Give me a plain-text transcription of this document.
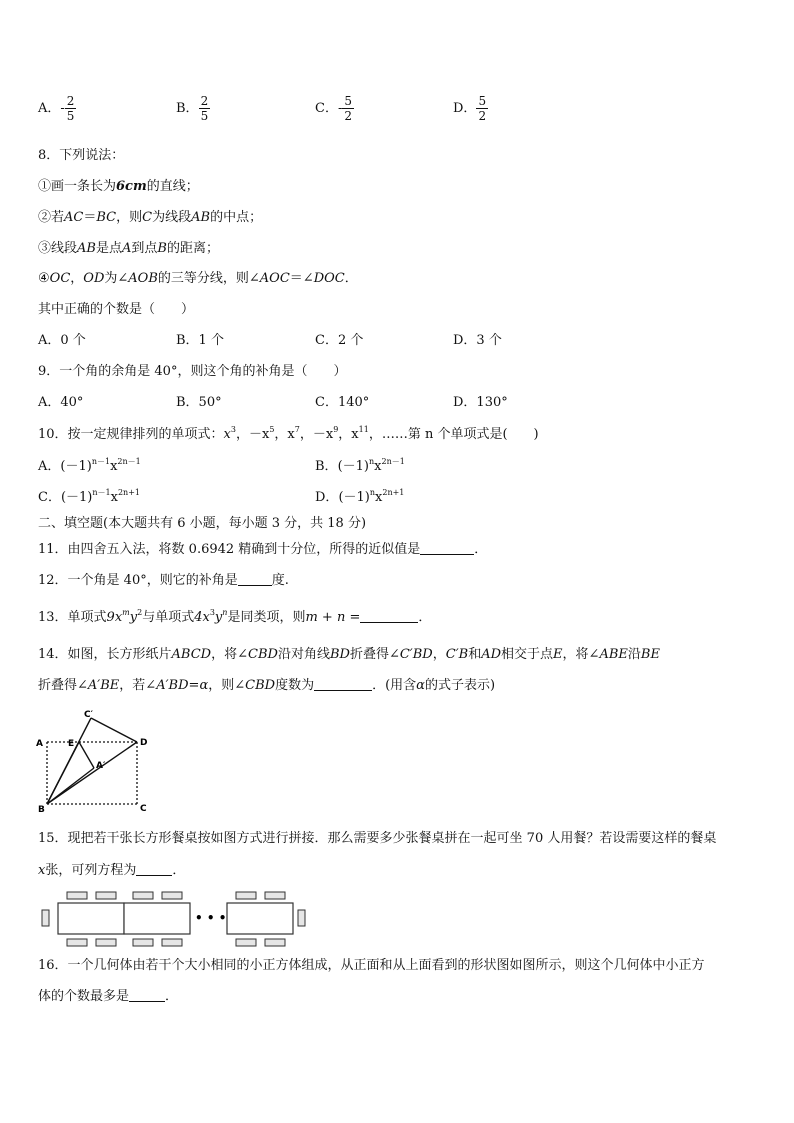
A．- $\frac{2}{5}$	B． $\frac{2}{5}$	C．- $\frac{5}{2}$	D． $\frac{5}{2}$
8．下列说法：
①画一条长为6cm的直线；
②若AC＝BC，则C为线段AB的中点；
③线段AB是点A到点B的距离；
④OC，OD为∠AOB的三等分线，则∠AOC＝∠DOC．
其中正确的个数是（　　）
A．0 个	B．1 个	C．2 个	D．3 个
9．一个角的余角是 40°，则这个角的补角是（　　）
A．40°	B．50°	C．140°	D．130°
10．按一定规律排列的单项式：$x^3$，$-x^5$，$x^7$，$-x^9$，$x^{11}$，……第 n 个单项式是(　　)
A．$(-1)^{n-1}x^{2n-1}$	B．$(-1)^nx^{2n-1}$
C．$(-1)^{n-1}x^{2n+1}$	D．$(-1)^nx^{2n+1}$
二、填空题(本大题共有 6 小题，每小题 3 分，共 18 分)
11．由四舍五入法，将数 0.6942 精确到十分位，所得的近似值是	．
12．一个角是 40°，则它的补角是	度.
13．单项式$9x^my^2$与单项式$4x^3y^n$是同类项，则m + n =	．
14．如图，长方形纸片ABCD，将∠CBD沿对角线BD折叠得∠C′BD，C′B和AD相交于点E，将∠ABE沿BE
折叠得∠A′BE，若∠A′BD=α，则∠CBD度数为	．(用含α的式子表示)
C′
A	E	D
A′
B	C
15．现把若干张长方形餐桌按如图方式进行拼接．那么需要多少张餐桌拼在一起可坐 70 人用餐？若设需要这样的餐桌
x张，可列方程为	．
• • •
16．一个几何体由若干个大小相同的小正方体组成，从正面和从上面看到的形状图如图所示，则这个几何体中小正方
体的个数最多是	．
